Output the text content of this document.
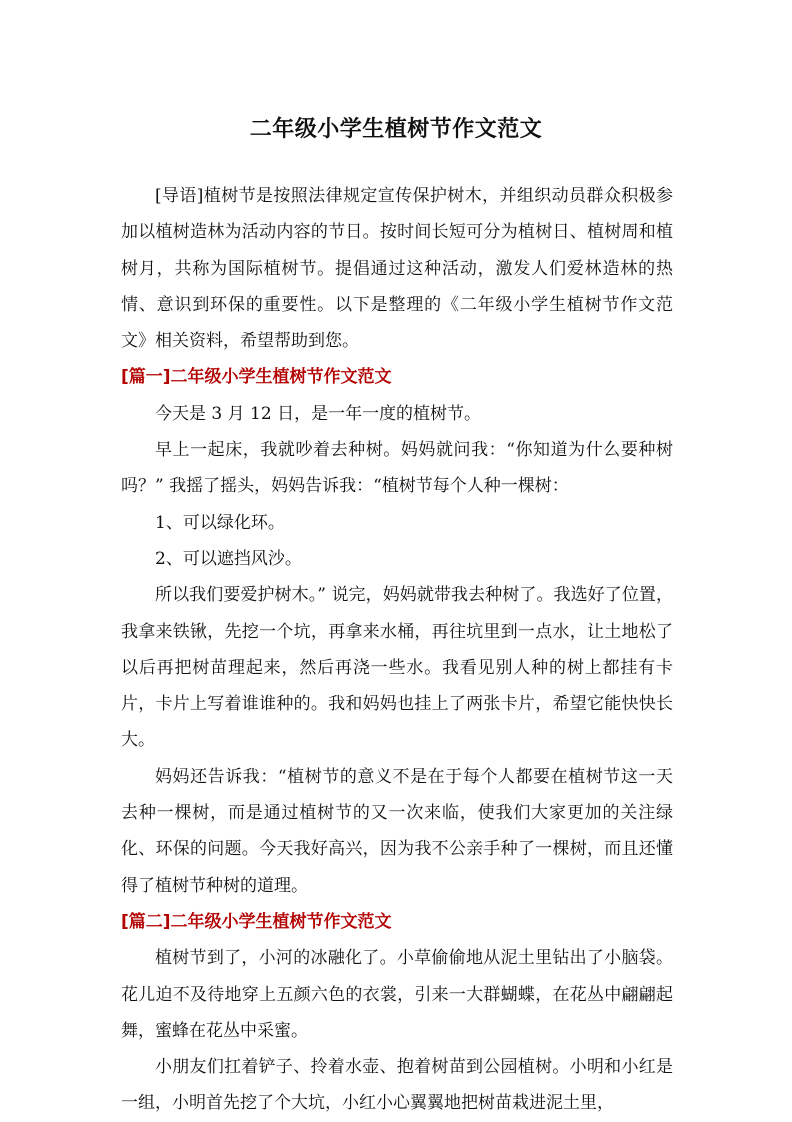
二年级小学生植树节作文范文

[导语]植树节是按照法律规定宣传保护树木，并组织动员群众积极参加以植树造林为活动内容的节日。按时间长短可分为植树日、植树周和植树月，共称为国际植树节。提倡通过这种活动，激发人们爱林造林的热情、意识到环保的重要性。以下是整理的《二年级小学生植树节作文范文》相关资料，希望帮助到您。

[篇一]二年级小学生植树节作文范文

今天是 3 月 12 日，是一年一度的植树节。

早上一起床，我就吵着去种树。妈妈就问我：“你知道为什么要种树吗？” 我摇了摇头，妈妈告诉我：“植树节每个人种一棵树：

1、可以绿化环。

2、可以遮挡风沙。

所以我们要爱护树木。” 说完，妈妈就带我去种树了。我选好了位置，我拿来铁锹，先挖一个坑，再拿来水桶，再往坑里到一点水，让土地松了以后再把树苗理起来，然后再浇一些水。我看见别人种的树上都挂有卡片，卡片上写着谁谁种的。我和妈妈也挂上了两张卡片，希望它能快快长大。

妈妈还告诉我：“植树节的意义不是在于每个人都要在植树节这一天去种一棵树，而是通过植树节的又一次来临，使我们大家更加的关注绿化、环保的问题。今天我好高兴，因为我不公亲手种了一棵树，而且还懂得了植树节种树的道理。

[篇二]二年级小学生植树节作文范文

植树节到了，小河的冰融化了。小草偷偷地从泥土里钻出了小脑袋。花儿迫不及待地穿上五颜六色的衣裳，引来一大群蝴蝶，在花丛中翩翩起舞，蜜蜂在花丛中采蜜。

小朋友们扛着铲子、拎着水壶、抱着树苗到公园植树。小明和小红是一组，小明首先挖了个大坑，小红小心翼翼地把树苗栽进泥土里，
